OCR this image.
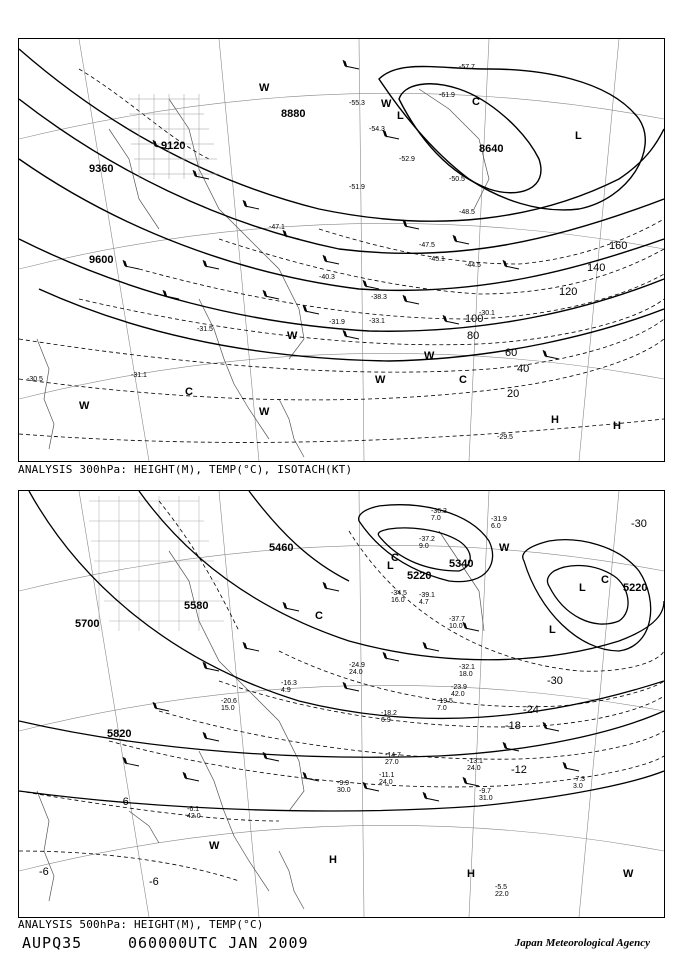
8880
9120
9360
9600
8640
20
40
60
80
100
120
140
160
-61.9
-57.7
-55.3
-54.3
-52.9
-51.9
-50.5
-48.5
-47.5
-47.1
-45.1
-44.5
-40.3
-38.3
-33.1
-31.9
-31.5
-30.5
-30.1
-29.5
-31.1
L
L
C
C
C
W
W
W
W
W
W
W
H	H
ANALYSIS 300hPa: HEIGHT(M), TEMP(°C), ISOTACH(KT)
5220
5340
5460
5580
5700
5820
5220
-30
-24
-18
-12
-6
-6
-30
-6
-31.9
6.0
-36.3
7.0
-37.2
9.0
-34.5
16.0
-39.1
4.7
-37.7
10.0
-32.1
18.0
-23.9
42.0
-19.5
7.0
-18.2
6.9
-14.7
27.0	-13.1
24.0
-11.1
24.0
-9.7
31.0
-9.9
30.0
-7.3
3.0
-5.5
22.0
-6.1
42.0
-16.3
4.9
-20.6
15.0
-24.9
24.0
L
L
L
C
C
C
W
W
W
H
H
ANALYSIS 500hPa: HEIGHT(M), TEMP(°C)
AUPQ35	060000UTC JAN 2009	Japan Meteorological Agency
